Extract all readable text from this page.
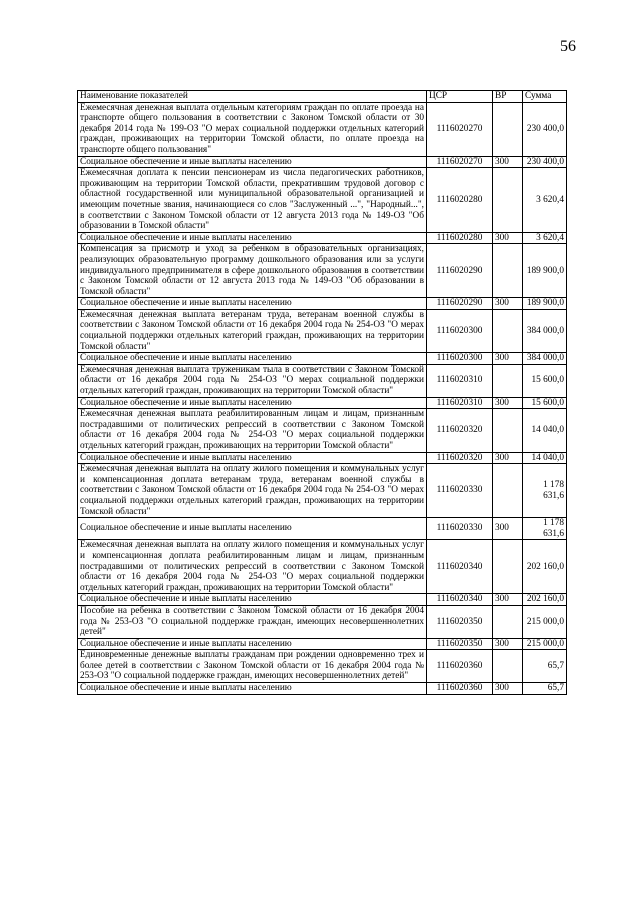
56
Наименование показателей	ЦСР	ВР	Сумма
Ежемесячная денежная выплата отдельным категориям граждан по оплате проезда на транспорте общего пользования в соответствии с Законом Томской области от 30 декабря 2014 года № 199-ОЗ "О мерах социальной поддержки отдельных категорий граждан, проживающих на территории Томской области, по оплате проезда на транспорте общего пользования"	1116020270		230 400,0
Социальное обеспечение и иные выплаты населению	1116020270	300	230 400,0
Ежемесячная доплата к пенсии пенсионерам из числа педагогических работников, проживающим на территории Томской области, прекратившим трудовой договор с областной государственной или муниципальной образовательной организацией и имеющим почетные звания, начинающиеся со слов "Заслуженный ...", "Народный...", в соответствии с Законом Томской области от 12 августа 2013 года № 149-ОЗ "Об образовании в Томской области"	1116020280		3 620,4
Социальное обеспечение и иные выплаты населению	1116020280	300	3 620,4
Компенсация за присмотр и уход за ребенком в образовательных организациях, реализующих образовательную программу дошкольного образования или за услуги индивидуального предпринимателя в сфере дошкольного образования в соответствии с Законом Томской области от 12 августа 2013 года № 149-ОЗ "Об образовании в Томской области"	1116020290		189 900,0
Социальное обеспечение и иные выплаты населению	1116020290	300	189 900,0
Ежемесячная денежная выплата ветеранам труда, ветеранам военной службы в соответствии с Законом Томской области от 16 декабря 2004 года № 254-ОЗ "О мерах социальной поддержки отдельных категорий граждан, проживающих на территории Томской области"	1116020300		384 000,0
Социальное обеспечение и иные выплаты населению	1116020300	300	384 000,0
Ежемесячная денежная выплата труженикам тыла в соответствии с Законом Томской области от 16 декабря 2004 года № 254-ОЗ "О мерах социальной поддержки отдельных категорий граждан, проживающих на территории Томской области"	1116020310		15 600,0
Социальное обеспечение и иные выплаты населению	1116020310	300	15 600,0
Ежемесячная денежная выплата реабилитированным лицам и лицам, признанным пострадавшими от политических репрессий в соответствии с Законом Томской области от 16 декабря 2004 года № 254-ОЗ "О мерах социальной поддержки отдельных категорий граждан, проживающих на территории Томской области"	1116020320		14 040,0
Социальное обеспечение и иные выплаты населению	1116020320	300	14 040,0
Ежемесячная денежная выплата на оплату жилого помещения и коммунальных услуг и компенсационная доплата ветеранам труда, ветеранам военной службы в соответствии с Законом Томской области от 16 декабря 2004 года № 254-ОЗ "О мерах социальной поддержки отдельных категорий граждан, проживающих на территории Томской области"	1116020330		1 178 631,6
Социальное обеспечение и иные выплаты населению	1116020330	300	1 178 631,6
Ежемесячная денежная выплата на оплату жилого помещения и коммунальных услуг и компенсационная доплата реабилитированным лицам и лицам, признанным пострадавшими от политических репрессий в соответствии с Законом Томской области от 16 декабря 2004 года № 254-ОЗ "О мерах социальной поддержки отдельных категорий граждан, проживающих на территории Томской области"	1116020340		202 160,0
Социальное обеспечение и иные выплаты населению	1116020340	300	202 160,0
Пособие на ребенка в соответствии с Законом Томской области от 16 декабря 2004 года № 253-ОЗ "О социальной поддержке граждан, имеющих несовершеннолетних детей"	1116020350		215 000,0
Социальное обеспечение и иные выплаты населению	1116020350	300	215 000,0
Единовременные денежные выплаты гражданам при рождении одновременно трех и более детей в соответствии с Законом Томской области от 16 декабря 2004 года № 253-ОЗ "О социальной поддержке граждан, имеющих несовершеннолетних детей"	1116020360		65,7
Социальное обеспечение и иные выплаты населению	1116020360	300	65,7
